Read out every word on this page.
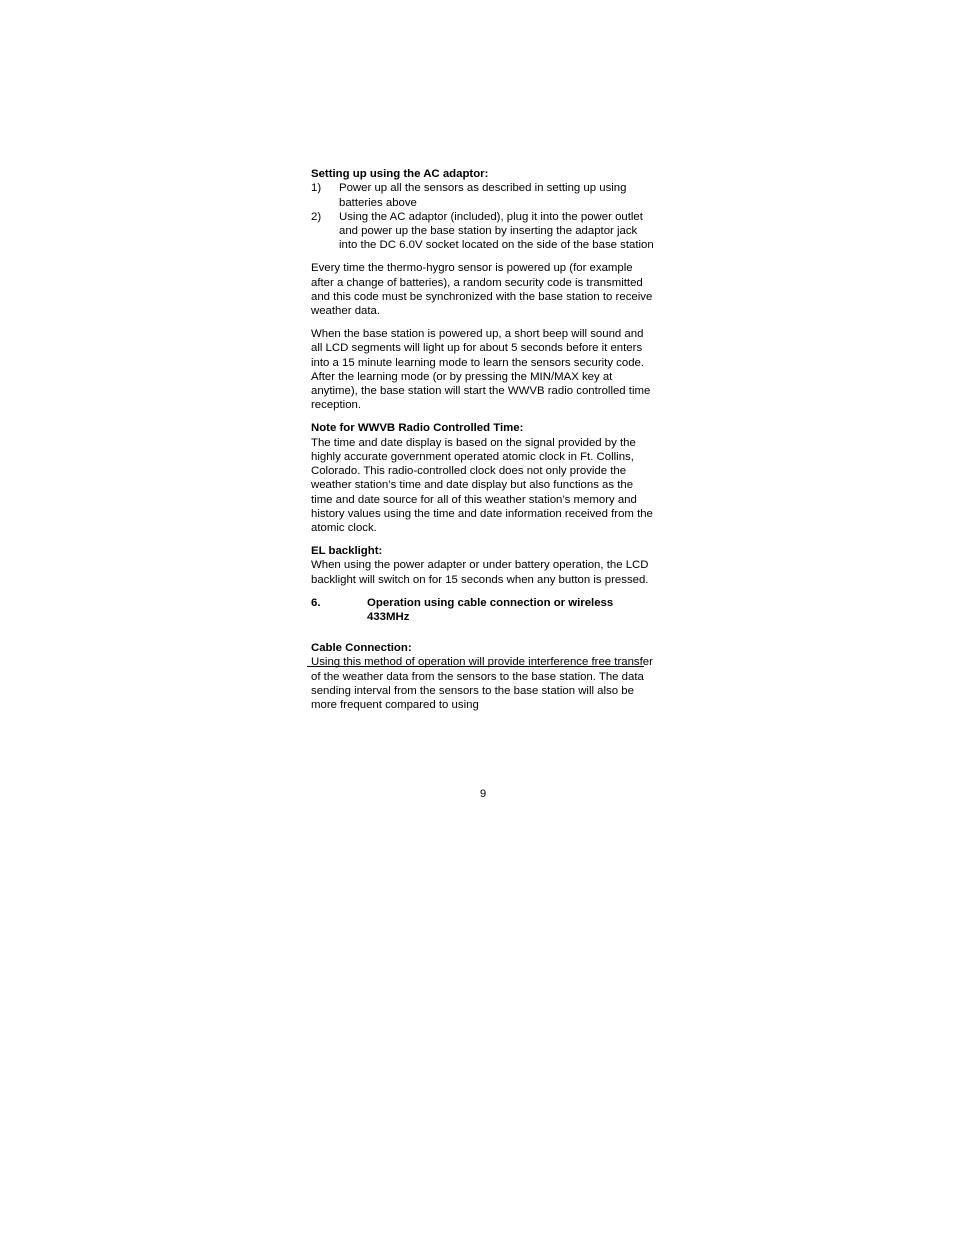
Setting up using the AC adaptor:

1)	Power up all the sensors as described in setting up using batteries above
2)	Using the AC adaptor (included), plug it into the power outlet and power up the base station by inserting the adaptor jack into the DC 6.0V socket located on the side of the base station

Every time the thermo-hygro sensor is powered up (for example after a change of batteries), a random security code is transmitted and this code must be synchronized with the base station to receive weather data.

When the base station is powered up, a short beep will sound and all LCD segments will light up for about 5 seconds before it enters into a 15 minute learning mode to learn the sensors security code. After the learning mode (or by pressing the MIN/MAX key at anytime), the base station will start the WWVB radio controlled time reception.

Note for WWVB Radio Controlled Time:

The time and date display is based on the signal provided by the highly accurate government operated atomic clock in Ft. Collins, Colorado. This radio-controlled clock does not only provide the weather station’s time and date display but also functions as the time and date source for all of this weather station’s memory and history values using the time and date information received from the atomic clock.

EL backlight:

When using the power adapter or under battery operation, the LCD backlight will switch on for 15 seconds when any button is pressed.

6.	Operation using cable connection or wireless 433MHz

Cable Connection:

Using this method of operation will provide interference free transfer of the weather data from the sensors to the base station. The data sending interval from the sensors to the base station will also be more frequent compared to using

9
